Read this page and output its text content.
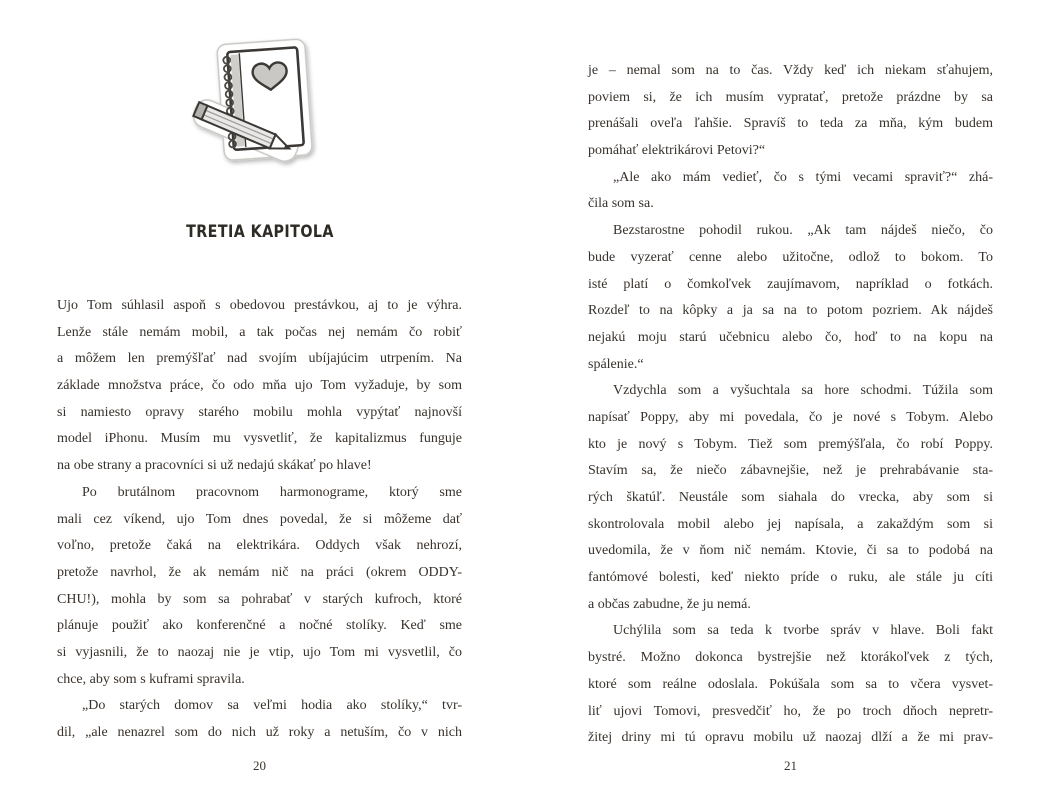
TRETIA KAPITOLA
Ujo Tom súhlasil aspoň s obedovou prestávkou, aj to je výhra.
Lenže stále nemám mobil, a tak počas nej nemám čo robiť
a môžem len premýšľať nad svojím ubíjajúcim utrpením. Na
základe množstva práce, čo odo mňa ujo Tom vyžaduje, by som
si namiesto opravy starého mobilu mohla vypýtať najnovší
model iPhonu. Musím mu vysvetliť, že kapitalizmus funguje
na obe strany a pracovníci si už nedajú skákať po hlave!
Po brutálnom pracovnom harmonograme, ktorý sme
mali cez víkend, ujo Tom dnes povedal, že si môžeme dať
voľno, pretože čaká na elektrikára. Oddych však nehrozí,
pretože navrhol, že ak nemám nič na práci (okrem ODDY-
CHU!), mohla by som sa pohrabať v starých kufroch, ktoré
plánuje použiť ako konferenčné a nočné stolíky. Keď sme
si vyjasnili, že to naozaj nie je vtip, ujo Tom mi vysvetlil, čo
chce, aby som s kuframi spravila.
„Do starých domov sa veľmi hodia ako stolíky,“ tvr-
dil, „ale nenazrel som do nich už roky a netuším, čo v nich
20
je – nemal som na to čas. Vždy keď ich niekam sťahujem,
poviem si, že ich musím vypratať, pretože prázdne by sa
prenášali oveľa ľahšie. Spravíš to teda za mňa, kým budem
pomáhať elektrikárovi Petovi?“
„Ale ako mám vedieť, čo s tými vecami spraviť?“ zhá-
čila som sa.
Bezstarostne pohodil rukou. „Ak tam nájdeš niečo, čo
bude vyzerať cenne alebo užitočne, odlož to bokom. To
isté platí o čomkoľvek zaujímavom, napríklad o fotkách.
Rozdeľ to na kôpky a ja sa na to potom pozriem. Ak nájdeš
nejakú moju starú učebnicu alebo čo, hoď to na kopu na
spálenie.“
Vzdychla som a vyšuchtala sa hore schodmi. Túžila som
napísať Poppy, aby mi povedala, čo je nové s Tobym. Alebo
kto je nový s Tobym. Tiež som premýšľala, čo robí Poppy.
Stavím sa, že niečo zábavnejšie, než je prehrabávanie sta-
rých škatúľ. Neustále som siahala do vrecka, aby som si
skontrolovala mobil alebo jej napísala, a zakaždým som si
uvedomila, že v ňom nič nemám. Ktovie, či sa to podobá na
fantómové bolesti, keď niekto príde o ruku, ale stále ju cíti
a občas zabudne, že ju nemá.
Uchýlila som sa teda k tvorbe správ v hlave. Boli fakt
bystré. Možno dokonca bystrejšie než ktorákoľvek z tých,
ktoré som reálne odoslala. Pokúšala som sa to včera vysvet-
liť ujovi Tomovi, presvedčiť ho, že po troch dňoch nepretr-
žitej driny mi tú opravu mobilu už naozaj dlží a že mi prav-
21
